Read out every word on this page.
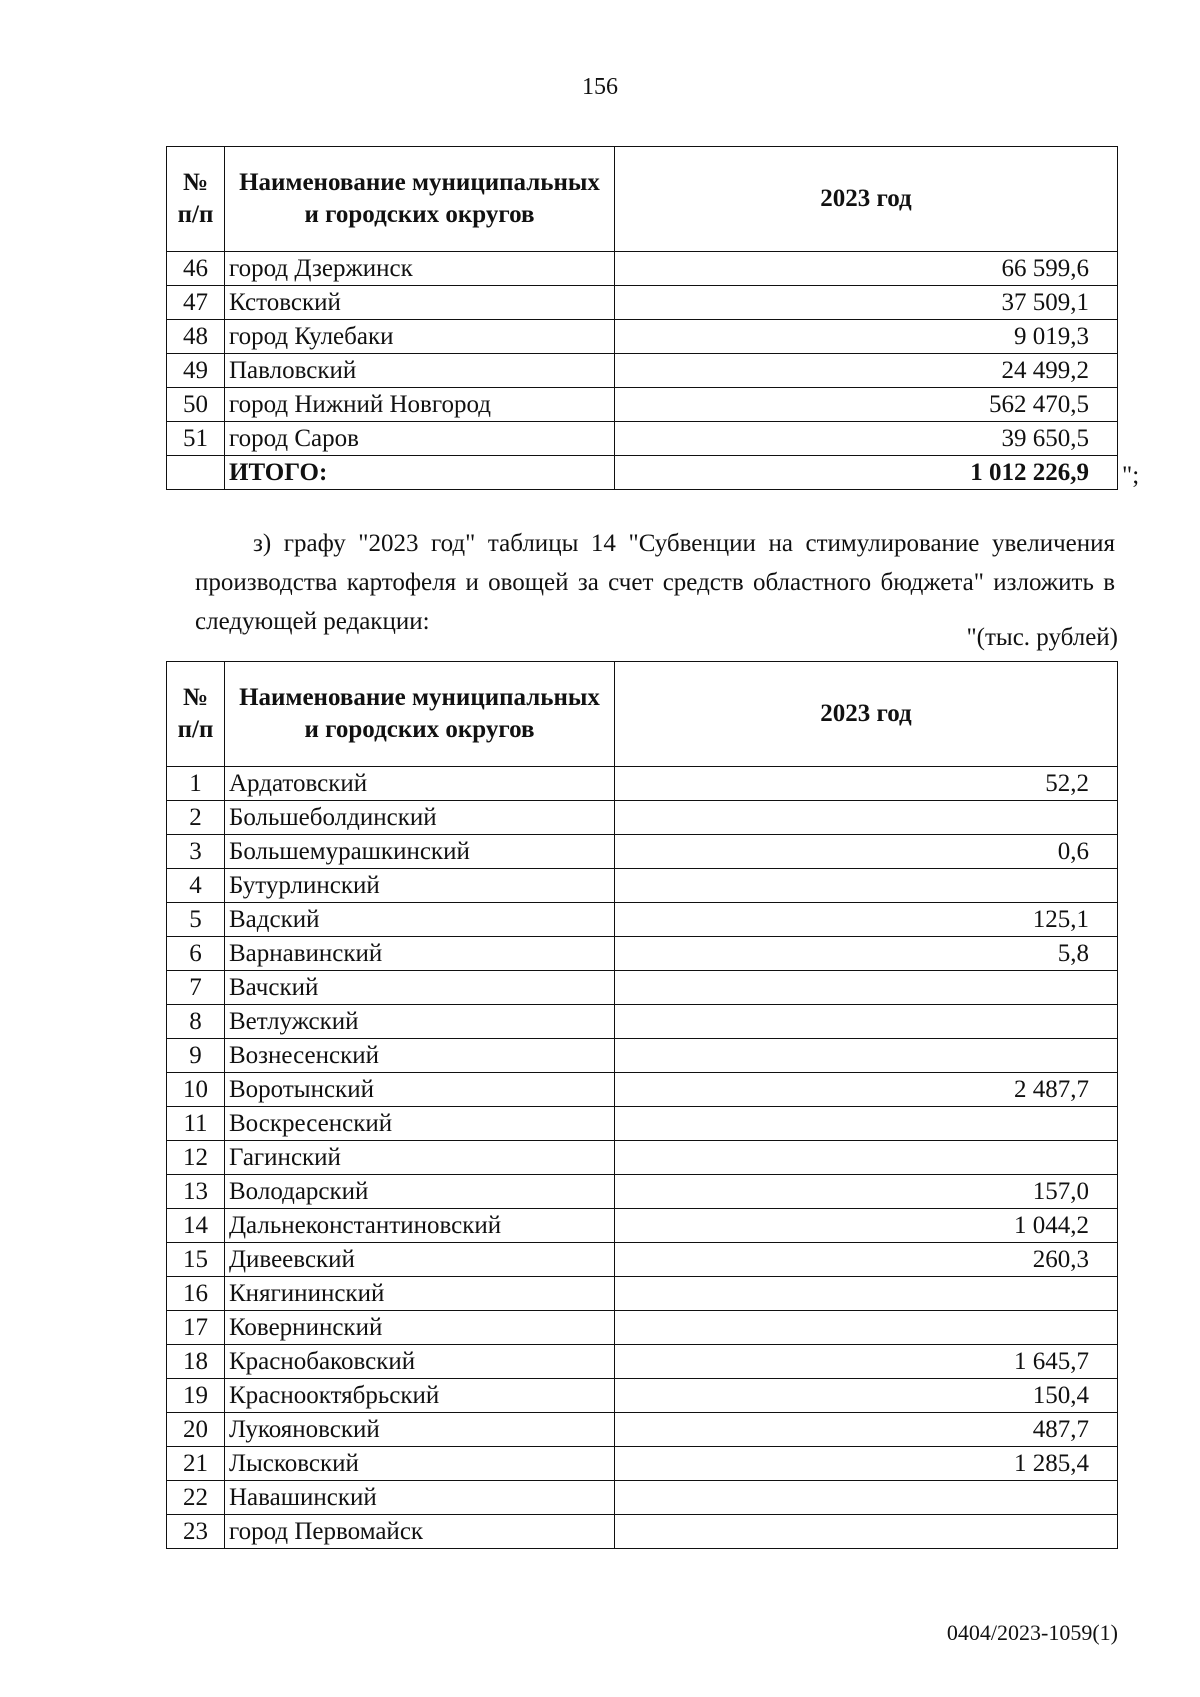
156
№ п/п	Наименование муниципальных и городских округов	2023 год
46	город Дзержинск	66 599,6
47	Кстовский	37 509,1
48	город Кулебаки	9 019,3
49	Павловский	24 499,2
50	город Нижний Новгород	562 470,5
51	город Саров	39 650,5
	ИТОГО:	1 012 226,9 ";

з) графу "2023 год" таблицы 14 "Субвенции на стимулирование увеличения производства картофеля и овощей за счет средств областного бюджета" изложить в следующей редакции:

"(тыс. рублей)
№ п/п	Наименование муниципальных и городских округов	2023 год
1	Ардатовский	52,2
2	Большеболдинский	
3	Большемурашкинский	0,6
4	Бутурлинский	
5	Вадский	125,1
6	Варнавинский	5,8
7	Вачский	
8	Ветлужский	
9	Вознесенский	
10	Воротынский	2 487,7
11	Воскресенский	
12	Гагинский	
13	Володарский	157,0
14	Дальнеконстантиновский	1 044,2
15	Дивеевский	260,3
16	Княгининский	
17	Ковернинский	
18	Краснобаковский	1 645,7
19	Краснооктябрьский	150,4
20	Лукояновский	487,7
21	Лысковский	1 285,4
22	Навашинский	
23	город Первомайск	
0404/2023-1059(1)
